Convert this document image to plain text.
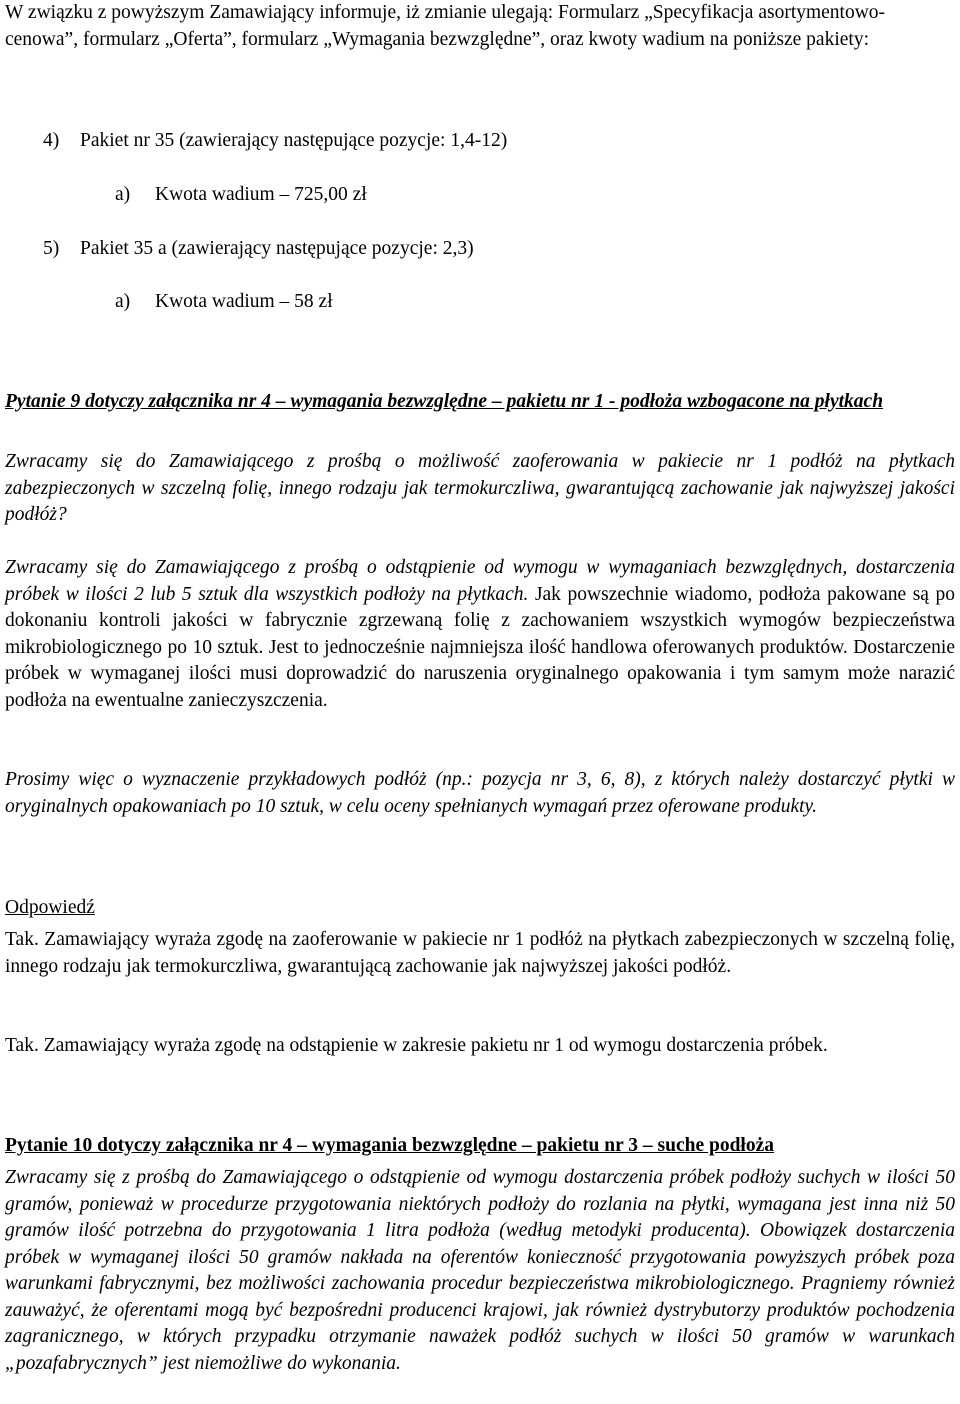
W związku z powyższym Zamawiający informuje, iż zmianie ulegają: Formularz „Specyfikacja asortymentowo-cenowa”, formularz „Oferta”, formularz „Wymagania bezwzględne”, oraz kwoty wadium na poniższe pakiety:

4) Pakiet nr 35 (zawierający następujące pozycje: 1,4-12)
a) Kwota wadium – 725,00 zł
5) Pakiet 35 a (zawierający następujące pozycje: 2,3)
a) Kwota wadium – 58 zł

Pytanie 9 dotyczy załącznika nr 4 – wymagania bezwzględne – pakietu nr 1 - podłoża wzbogacone na płytkach

Zwracamy się do Zamawiającego z prośbą o możliwość zaoferowania w pakiecie nr 1 podłóż na płytkach zabezpieczonych w szczelną folię, innego rodzaju jak termokurczliwa, gwarantującą zachowanie jak najwyższej jakości podłóż?

Zwracamy się do Zamawiającego z prośbą o odstąpienie od wymogu w wymaganiach bezwzględnych, dostarczenia próbek w ilości 2 lub 5 sztuk dla wszystkich podłoży na płytkach. Jak powszechnie wiadomo, podłoża pakowane są po dokonaniu kontroli jakości w fabrycznie zgrzewaną folię z zachowaniem wszystkich wymogów bezpieczeństwa mikrobiologicznego po 10 sztuk. Jest to jednocześnie najmniejsza ilość handlowa oferowanych produktów. Dostarczenie próbek w wymaganej ilości musi doprowadzić do naruszenia oryginalnego opakowania i tym samym może narazić podłoża na ewentualne zanieczyszczenia.

Prosimy więc o wyznaczenie przykładowych podłóż (np.: pozycja nr 3, 6, 8), z których należy dostarczyć płytki w oryginalnych opakowaniach po 10 sztuk, w celu oceny spełnianych wymagań przez oferowane produkty.

Odpowiedź

Tak. Zamawiający wyraża zgodę na zaoferowanie w pakiecie nr 1 podłóż na płytkach zabezpieczonych w szczelną folię, innego rodzaju jak termokurczliwa, gwarantującą zachowanie jak najwyższej jakości podłóż.

Tak. Zamawiający wyraża zgodę na odstąpienie w zakresie pakietu nr 1 od wymogu dostarczenia próbek.

Pytanie 10 dotyczy załącznika nr 4 – wymagania bezwzględne – pakietu nr 3 – suche podłoża

Zwracamy się z prośbą do Zamawiającego o odstąpienie od wymogu dostarczenia próbek podłoży suchych w ilości 50 gramów, ponieważ w procedurze przygotowania niektórych podłoży do rozlania na płytki, wymagana jest inna niż 50 gramów ilość potrzebna do przygotowania 1 litra podłoża (według metodyki producenta). Obowiązek dostarczenia próbek w wymaganej ilości 50 gramów nakłada na oferentów konieczność przygotowania powyższych próbek poza warunkami fabrycznymi, bez możliwości zachowania procedur bezpieczeństwa mikrobiologicznego. Pragniemy również zauważyć, że oferentami mogą być bezpośredni producenci krajowi, jak również dystrybutorzy produktów pochodzenia zagranicznego, w których przypadku otrzymanie naważek podłóż suchych w ilości 50 gramów w warunkach „pozafabrycznych” jest niemożliwe do wykonania.
